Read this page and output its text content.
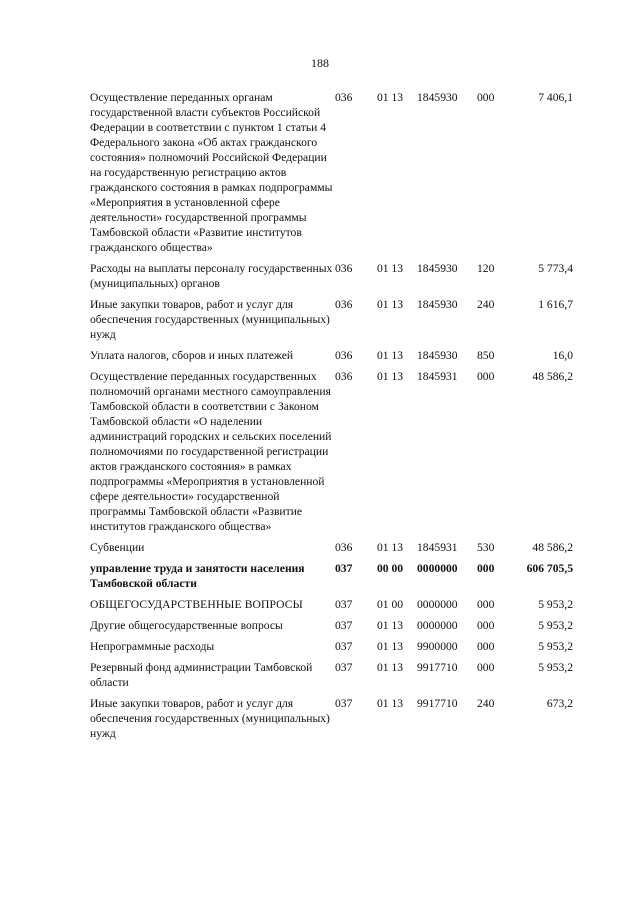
188
Осуществление переданных органам государственной власти субъектов Российской Федерации в соответствии с пунктом 1 статьи 4 Федерального закона «Об актах гражданского состояния» полномочий Российской Федерации на государственную регистрацию актов гражданского состояния в рамках подпрограммы «Мероприятия в установленной сфере деятельности» государственной программы Тамбовской области «Развитие институтов гражданского общества»	036	01 13	1845930	000	7 406,1
Расходы на выплаты персоналу государственных (муниципальных) органов	036	01 13	1845930	120	5 773,4
Иные закупки товаров, работ и услуг для обеспечения государственных (муниципальных) нужд	036	01 13	1845930	240	1 616,7
Уплата налогов, сборов и иных платежей	036	01 13	1845930	850	16,0
Осуществление переданных государственных полномочий органами местного самоуправления Тамбовской области в соответствии с Законом Тамбовской области «О наделении администраций городских и сельских поселений полномочиями по государственной регистрации актов гражданского состояния» в рамках подпрограммы «Мероприятия в установленной сфере деятельности» государственной программы Тамбовской области «Развитие институтов гражданского общества»	036	01 13	1845931	000	48 586,2
Субвенции	036	01 13	1845931	530	48 586,2
управление труда и занятости населения Тамбовской области	037	00 00	0000000	000	606 705,5
ОБЩЕГОСУДАРСТВЕННЫЕ ВОПРОСЫ	037	01 00	0000000	000	5 953,2
Другие общегосударственные вопросы	037	01 13	0000000	000	5 953,2
Непрограммные расходы	037	01 13	9900000	000	5 953,2
Резервный фонд администрации Тамбовской области	037	01 13	9917710	000	5 953,2
Иные закупки товаров, работ и услуг для обеспечения государственных (муниципальных) нужд	037	01 13	9917710	240	673,2
